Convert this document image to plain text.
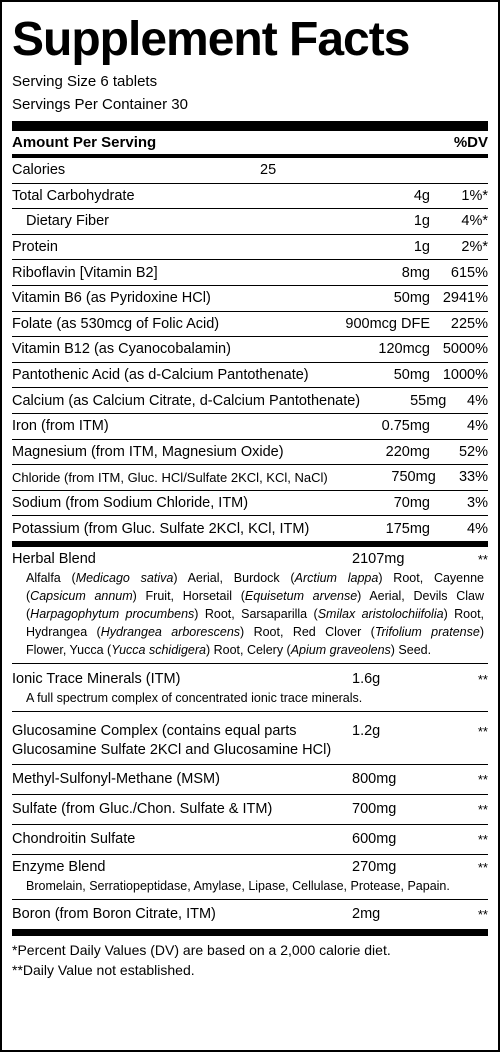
Supplement Facts
Serving Size 6 tablets
Servings Per Container 30
Amount Per Serving	%DV
Calories	25
Total Carbohydrate	4g	1%*
Dietary Fiber	1g	4%*
Protein	1g	2%*
Riboflavin [Vitamin B2]	8mg	615%
Vitamin B6 (as Pyridoxine HCl)	50mg 2941%
Folate (as 530mcg of Folic Acid)	900mcg DFE	225%
Vitamin B12 (as Cyanocobalamin)	120mcg 5000%
Pantothenic Acid (as d-Calcium Pantothenate)	50mg 1000%
Calcium (as Calcium Citrate, d-Calcium Pantothenate)	55mg	4%
Iron (from ITM)	0.75mg	4%
Magnesium (from ITM, Magnesium Oxide)	220mg	52%
Chloride (from ITM, Gluc. HCl/Sulfate 2KCl, KCl, NaCl)	750mg	33%
Sodium (from Sodium Chloride, ITM)	70mg	3%
Potassium (from Gluc. Sulfate 2KCl, KCl, ITM)	175mg	4%
Herbal Blend	2107mg	**
Alfalfa (Medicago sativa) Aerial, Burdock (Arctium lappa) Root, Cayenne (Capsicum annum) Fruit, Horsetail (Equisetum arvense) Aerial, Devils Claw (Harpagophytum procumbens) Root, Sarsaparilla (Smilax aristolochiifolia) Root, Hydrangea (Hydrangea arborescens) Root, Red Clover (Trifolium pratense) Flower, Yucca (Yucca schidigera) Root, Celery (Apium graveolens) Seed.
Ionic Trace Minerals (ITM)	1.6g	**
A full spectrum complex of concentrated ionic trace minerals.
Glucosamine Complex (contains equal parts
Glucosamine Sulfate 2KCl and Glucosamine HCl)
1.2g	**
Methyl-Sulfonyl-Methane (MSM)	800mg	**
Sulfate (from Gluc./Chon. Sulfate & ITM)	700mg	**
Chondroitin Sulfate	600mg	**
Enzyme Blend	270mg	**
Bromelain, Serratiopeptidase, Amylase, Lipase, Cellulase, Protease, Papain.
Boron (from Boron Citrate, ITM)	2mg	**
*Percent Daily Values (DV) are based on a 2,000 calorie diet.
**Daily Value not established.
